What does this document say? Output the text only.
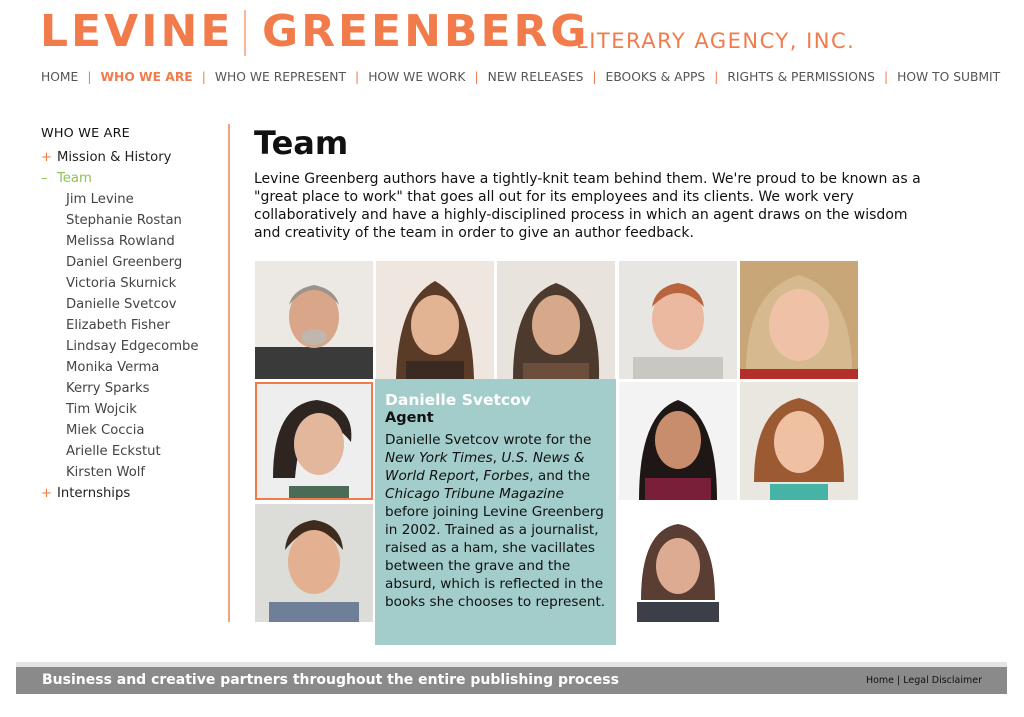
LEVINE GREENBERG
LITERARY AGENCY, INC.
HOME | WHO WE ARE | WHO WE REPRESENT | HOW WE WORK | NEW RELEASES | EBOOKS & APPS | RIGHTS & PERMISSIONS | HOW TO SUBMIT
WHO WE ARE
+ Mission & History
– Team
Jim Levine
Stephanie Rostan
Melissa Rowland
Daniel Greenberg
Victoria Skurnick
Danielle Svetcov
Elizabeth Fisher
Lindsay Edgecombe
Monika Verma
Kerry Sparks
Tim Wojcik
Miek Coccia
Arielle Eckstut
Kirsten Wolf
+ Internships
Team

Levine Greenberg authors have a tightly-knit team behind them. We're proud to be known as a "great place to work" that goes all out for its employees and its clients. We work very collaboratively and have a highly-disciplined process in which an agent draws on the wisdom and creativity of the team in order to give an author feedback.

Danielle Svetcov
Agent
Danielle Svetcov wrote for the New York Times, U.S. News & World Report, Forbes, and the Chicago Tribune Magazine before joining Levine Greenberg in 2002. Trained as a journalist, raised as a ham, she vacillates between the grave and the absurd, which is reflected in the books she chooses to represent.
Business and creative partners throughout the entire publishing process	Home | Legal Disclaimer
